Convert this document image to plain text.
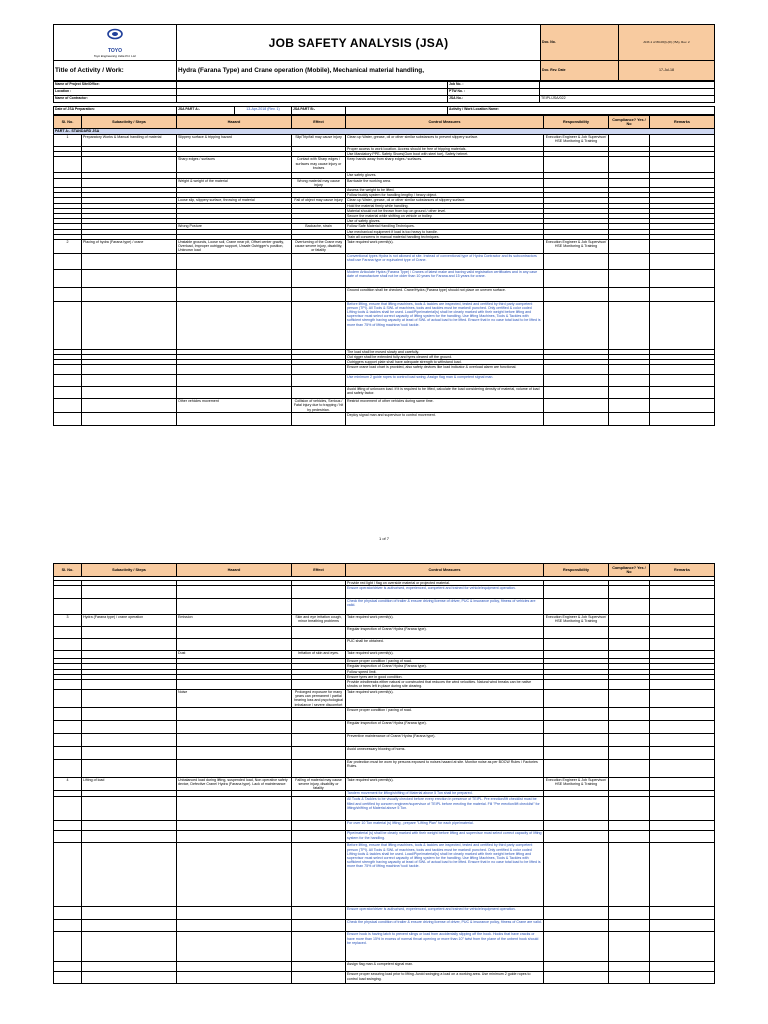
TOYO
Toyo Engineering India Pvt. Ltd.	JOB SAFETY ANALYSIS (JSA)	Doc. No.	ANX-1 of 80-06(l)-(R) ( BA), Rev. 2
Title of Activity / Work:	Hydra (Farana Type) and Crane operation (Mobile), Mechanical material handling,	Doc. Rev. Date	17-Jul-18
Name of Project Site/Office:					Job No. :	
Location :					PTW No. :	
Name of Contractor:					JSA No.:	TEIPL/JSA/022

Date of JSA Preparation:	JSA PART A:-	13-Apr-2018 (Rev. 1)	JSA PART B:-		Activity / Work Location Name:	
Sl. No.	Subactivity / Steps	Hazard	Effect	Control Measures	Responsibility	Compliance? Yes / No	Remarks
PART A:- STANDARD JSA							
1	Preparatory Works & Manual handling of material	Slippery surface & tripping hazard	Slip/Trip/fall may cause injury	Clean up Water, grease, oil or other similar substances to prevent slippery surface.	Execution Engineer & Job Supervisor/ HSE Monitoring & Training		
				Proper access to work location. Access should be free of tripping materials.			
				Use Mandatory PPE- Safety Shoes(Gum boot with steel toe), Safety helmet.			
		Sharp edges / surfaces	Contact with Sharp edges / surfaces may cause injury or bruises	Keep hands away from sharp edges / surfaces.			
				Use safety gloves.			
		Weight & weight of the material	Wrong material may cause injury	Barricade the working area.			
				Assess the weight to be lifted.			
				Follow buddy system for handling lengthy / heavy object.			
		Loose slip, slippery surface, throwing of material	Fall of object may cause injury	Clean up Water, grease, oil or other similar substances of slippery surface.			
				Hold the material firmly while handling.			
				Material should not be thrown from top on ground / other level.			
				Secure the material while shifting on vehicle or trolley.			
				Use of safety gloves.			
		Wrong Posture	Backache, strain	Follow Safe Material Handling Techniques.			
				Use mechanical equipment if load is too heavy to handle.			
				Train all concerns in manual material handling techniques.			
2	Placing of hydra (Farana type) / crane	Unstable grounds, Loose soil, Crane near pit, Offset center gravity, Overload, Improper outrigger support, Unsafe Outrigger's position, Unknown load	Overturning of the Crane may cause severe injury, disability, or fatality	Take required work permit(s).	Execution Engineer & Job Supervisor/ HSE Monitoring & Training		
				Conventional types Hydra is not allowed at site. Instead of conventional type of Hydra Contractor and its subcontractors shall use Farana type or equivalent type of Crane.			
				Modern Articulate Hydra (Farana Type) / Cranes of latest make and having valid registration certificates and in any case date of manufacture shall not be older than 10 years for Farana and 15 years for crane.			
				Ground condition shall be checked. Crane/Hydra (Farana type) should not place on uneven surface.			
				Before lifting, ensure that lifting machines, tools & tackles are inspected, tested and certified by third party competent person (TPI). All Tools & SWL of machines, tools and tackles must be marked/ punched. Only certified & color coded Lifting tools & tackles shall be used. Load/Pipe/material(s) shall be clearly marked with their weight before lifting and supervisor must select correct capacity of lifting system for the handling. Use lifting Machines, Tools & Tackles with sufficient strength having capacity at least of SWL of actual load to be lifted. Ensure that in no case total load to be lifted is more than 75% of lifting machine/ tool/ tackle.			
				The load shall be moved slowly and carefully.			
				Out rigger shall be extended fully and tyres cleared off the ground.			
				Outriggers support plate shall have adequate strength to withstand load.			
				Ensure crane load chart is provided, also safety devices like load indicator & overload alarm are functional.			
				Use minimum 2 guide ropes to control load swing. Assign flag man & competent signal man.			
				Avoid lifting of unknown load. If it is required to be lifted, calculate the load considering density of material, volume of load and safety factor.			
		Other vehicles movement	Collision of vehicles, Serious / Fatal injury due to trapping / hit by pedestrian.	Restrict movement of other vehicles during same time.			
				Deploy signal man and supervisor to control movement.			
1 of 7
Sl. No.	Subactivity / Steps	Hazard	Effect	Control Measures	Responsibility	Compliance? Yes / No	Remarks

				Provide red light / flag on overside material or projected material.			
				Ensure operator/driver is authorised, experienced, competent and trained for vehicle/equipment operation.			
				Check the physical condition of trailer & ensure driving license of driver, PUC & insurance policy, fitness of vehicles are valid.			
3	Hydra (Farana type) / crane operation	Emission	Skin and eye irritation cough, minor breathing problems	Take required work permit(s).	Execution Engineer & Job Supervisor/ HSE Monitoring & Training		
				Regular inspection of Crane/ Hydra (Farana type).			
				PUC shall be obtained.			
		Dust	Irritation of skin and eyes.	Take required work permit(s).			
				Ensure proper condition / paving of road.			
				Regular inspection of Crane/ Hydra (Farana type).			
				Follow speed limit.			
				Ensure tyres are in good condition.			
				Provide windbreaks either natural or constructed that reduces the wind velocities. Natural wind breaks can be native shrubs or trees left in place during site clearing.			
		Noise	Prolonged exposure for many years can permanent / partial hearing loss and psychological imbalance / severe discomfort	Take required work permit(s).			
				Ensure proper condition / paving of road.			
				Regular inspection of Crane/ Hydra (Farana type).			
				Preventive maintenance of Crane/ Hydra (Farana type).			
				Avoid unnecessary blowing of horns.			
				Ear protection must be worn by persons exposed to noises hazard at site. Monitor noise as per BOCW Rules / Factories Rules.			
4	Lifting of load	Unbalanced load during lifting, suspended load, Non operative safety device, Defective Crane/ Hydra (Farana type). Lack of maintenance	Falling of material may cause severe injury, disability or fatality	Take required work permit(s).	Execution Engineer & Job Supervisor/ HSE Monitoring & Training		
				Tandem movement for lifting/shifting of Material above 5 Ton shall be prepared.			
				All Tools & Tackles to be visually checked before every erection in presence of TEIPL. Pre erection/lift checklist must be filled and certified by concern engineer/supervisor of TEIPL before erecting the material. Fill "Pre erection/lift checklist" for lifting/shifting of Material above 5 Ton.			
				For over 10 Ton material (s) lifting , prepare "Lifting Plan" for each pipe/material.			
				Pipe/material (s) shall be clearly marked with their weight before lifting and supervisor must select correct capacity of lifting system for the handling.			
				Before lifting, ensure that lifting machines, tools & tackles are inspected, tested and certified by third party competent person (TPI). All Tools & SWL of machines, tools and tackles must be marked/ punched. Only certified & color coded Lifting tools & tackles shall be used. Load/Pipe/material(s) shall be clearly marked with their weight before lifting and supervisor must select correct capacity of lifting system for the handling. Use lifting Machines, Tools & Tackles with sufficient strength having capacity at least of SWL of actual load to be lifted. Ensure that in no case total load to be lifted is more than 75% of lifting machine/ tool/ tackle.			
				Ensure operator/driver is authorised, experienced, competent and trained for vehicle/equipment operation.			
				Check the physical condition of trailer & ensure driving license of driver, PUC & insurance policy, fitness of Crane are valid.			
				Ensure hook is having latch to prevent slings or load from accidentally slipping off the hook. Hooks that have cracks or have more than 15% in excess of normal throat opening or more than 10° twist from the plane of the unbent hook should be replaced.			
				Assign flag man & competent signal man.			
				Ensure proper securing load prior to lifting. Avoid swinging a load on a working area. Use minimum 2 guide ropes to control load swinging.			
